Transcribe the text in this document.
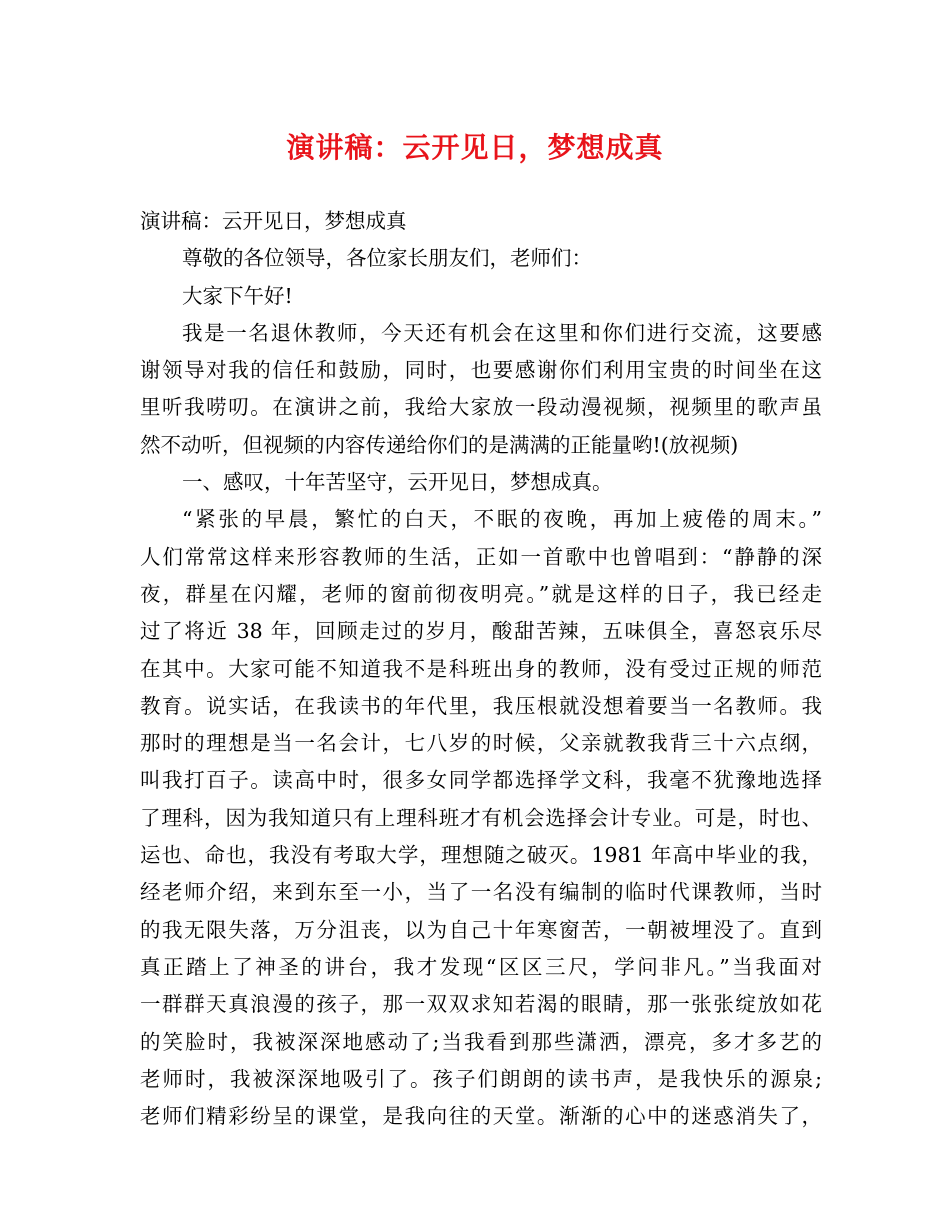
演讲稿：云开见日，梦想成真
演讲稿：云开见日，梦想成真
尊敬的各位领导，各位家长朋友们，老师们：
大家下午好!
我是一名退休教师，今天还有机会在这里和你们进行交流，这要感
谢领导对我的信任和鼓励，同时，也要感谢你们利用宝贵的时间坐在这
里听我唠叨。在演讲之前，我给大家放一段动漫视频，视频里的歌声虽
然不动听，但视频的内容传递给你们的是满满的正能量哟!(放视频)
一、感叹，十年苦坚守，云开见日，梦想成真。
“紧张的早晨，繁忙的白天，不眠的夜晚，再加上疲倦的周末。”
人们常常这样来形容教师的生活，正如一首歌中也曾唱到：“静静的深
夜，群星在闪耀，老师的窗前彻夜明亮。”就是这样的日子，我已经走
过了将近 38 年，回顾走过的岁月，酸甜苦辣，五味俱全，喜怒哀乐尽
在其中。大家可能不知道我不是科班出身的教师，没有受过正规的师范
教育。说实话，在我读书的年代里，我压根就没想着要当一名教师。我
那时的理想是当一名会计，七八岁的时候，父亲就教我背三十六点纲，
叫我打百子。读高中时，很多女同学都选择学文科，我毫不犹豫地选择
了理科，因为我知道只有上理科班才有机会选择会计专业。可是，时也、
运也、命也，我没有考取大学，理想随之破灭。1981 年高中毕业的我，
经老师介绍，来到东至一小，当了一名没有编制的临时代课教师，当时
的我无限失落，万分沮丧，以为自己十年寒窗苦，一朝被埋没了。直到
真正踏上了神圣的讲台，我才发现“区区三尺，学问非凡。”当我面对
一群群天真浪漫的孩子，那一双双求知若渴的眼睛，那一张张绽放如花
的笑脸时，我被深深地感动了;当我看到那些潇洒，漂亮，多才多艺的
老师时，我被深深地吸引了。孩子们朗朗的读书声，是我快乐的源泉;
老师们精彩纷呈的课堂，是我向往的天堂。渐渐的心中的迷惑消失了，
